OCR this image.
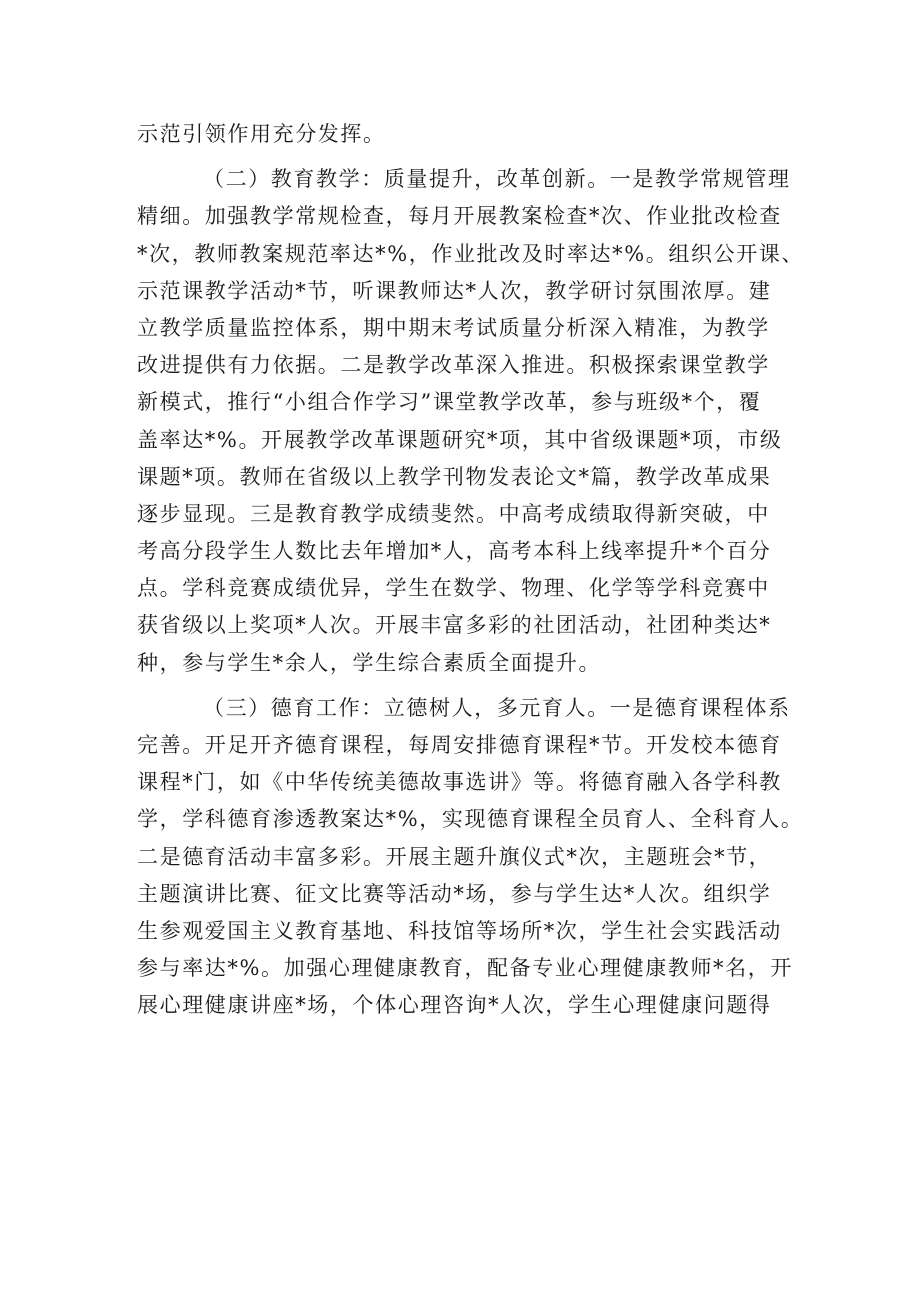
示范引领作用充分发挥。
（二）教育教学：质量提升，改革创新。一是教学常规管理
精细。加强教学常规检查，每月开展教案检查*次、作业批改检查
*次，教师教案规范率达*%，作业批改及时率达*%。组织公开课、
示范课教学活动*节，听课教师达*人次，教学研讨氛围浓厚。建
立教学质量监控体系，期中期末考试质量分析深入精准，为教学
改进提供有力依据。二是教学改革深入推进。积极探索课堂教学
新模式，推行“小组合作学习”课堂教学改革，参与班级*个，覆
盖率达*%。开展教学改革课题研究*项，其中省级课题*项，市级
课题*项。教师在省级以上教学刊物发表论文*篇，教学改革成果
逐步显现。三是教育教学成绩斐然。中高考成绩取得新突破，中
考高分段学生人数比去年增加*人，高考本科上线率提升*个百分
点。学科竞赛成绩优异，学生在数学、物理、化学等学科竞赛中
获省级以上奖项*人次。开展丰富多彩的社团活动，社团种类达*
种，参与学生*余人，学生综合素质全面提升。
（三）德育工作：立德树人，多元育人。一是德育课程体系
完善。开足开齐德育课程，每周安排德育课程*节。开发校本德育
课程*门，如《中华传统美德故事选讲》等。将德育融入各学科教
学，学科德育渗透教案达*%，实现德育课程全员育人、全科育人。
二是德育活动丰富多彩。开展主题升旗仪式*次，主题班会*节，
主题演讲比赛、征文比赛等活动*场，参与学生达*人次。组织学
生参观爱国主义教育基地、科技馆等场所*次，学生社会实践活动
参与率达*%。加强心理健康教育，配备专业心理健康教师*名，开
展心理健康讲座*场，个体心理咨询*人次，学生心理健康问题得
